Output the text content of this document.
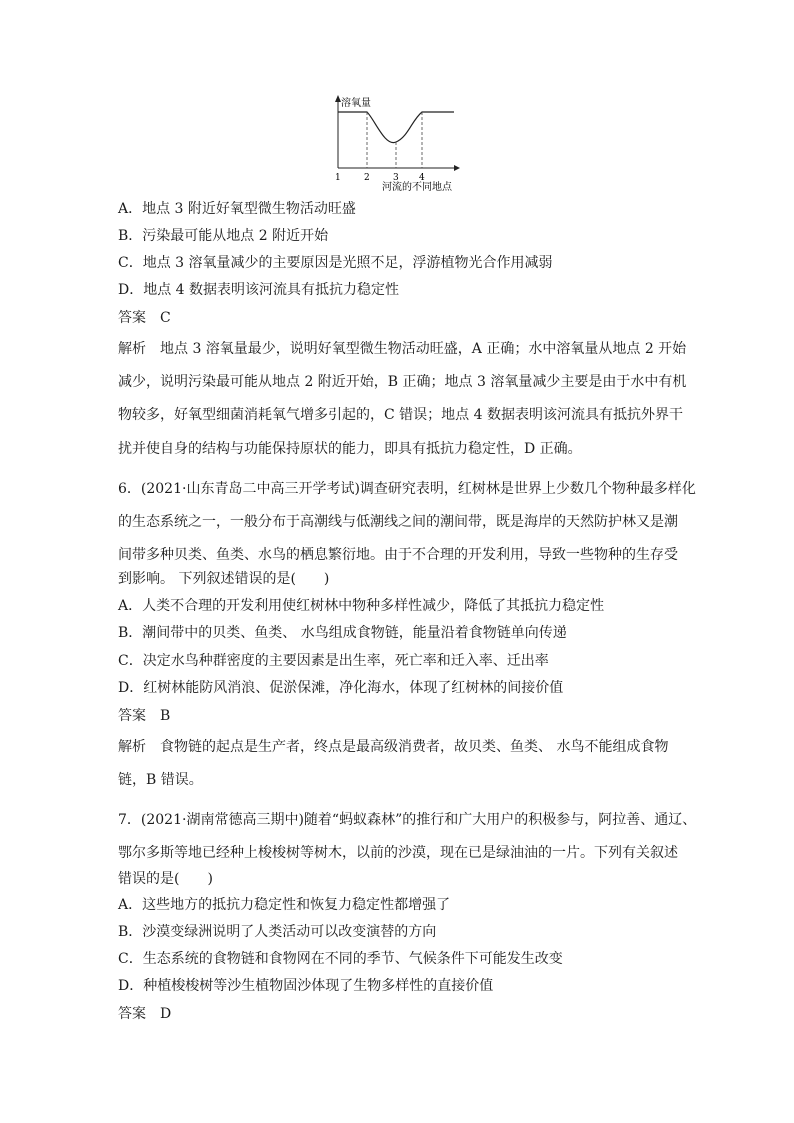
溶氧量
1	2	3 4
河流的不同地点
A．地点 3 附近好氧型微生物活动旺盛
B．污染最可能从地点 2 附近开始
C．地点 3 溶氧量减少的主要原因是光照不足，浮游植物光合作用减弱
D．地点 4 数据表明该河流具有抵抗力稳定性
答案 C
解析　地点 3 溶氧量最少，说明好氧型微生物活动旺盛，A 正确；水中溶氧量从地点 2 开始
减少，说明污染最可能从地点 2 附近开始，B 正确；地点 3 溶氧量减少主要是由于水中有机
物较多，好氧型细菌消耗氧气增多引起的，C 错误；地点 4 数据表明该河流具有抵抗外界干
扰并使自身的结构与功能保持原状的能力，即具有抵抗力稳定性，D 正确。
6．(2021·山东青岛二中高三开学考试)调查研究表明，红树林是世界上少数几个物种最多样化
的生态系统之一，一般分布于高潮线与低潮线之间的潮间带，既是海岸的天然防护林又是潮
间带多种贝类、鱼类、水鸟的栖息繁衍地。由于不合理的开发利用，导致一些物种的生存受
到影响。 下列叙述错误的是(　　)
A．人类不合理的开发利用使红树林中物种多样性减少，降低了其抵抗力稳定性
B．潮间带中的贝类、鱼类、 水鸟组成食物链，能量沿着食物链单向传递
C．决定水鸟种群密度的主要因素是出生率，死亡率和迁入率、迁出率
D．红树林能防风消浪、促淤保滩，净化海水，体现了红树林的间接价值
答案 B
解析　食物链的起点是生产者，终点是最高级消费者，故贝类、鱼类、 水鸟不能组成食物
链，B 错误。
7．(2021·湖南常德高三期中)随着“蚂蚁森林”的推行和广大用户的积极参与，阿拉善、通辽、
鄂尔多斯等地已经种上梭梭树等树木，以前的沙漠，现在已是绿油油的一片。下列有关叙述
错误的是(　　)
A．这些地方的抵抗力稳定性和恢复力稳定性都增强了
B．沙漠变绿洲说明了人类活动可以改变演替的方向
C．生态系统的食物链和食物网在不同的季节、气候条件下可能发生改变
D．种植梭梭树等沙生植物固沙体现了生物多样性的直接价值
答案 D
